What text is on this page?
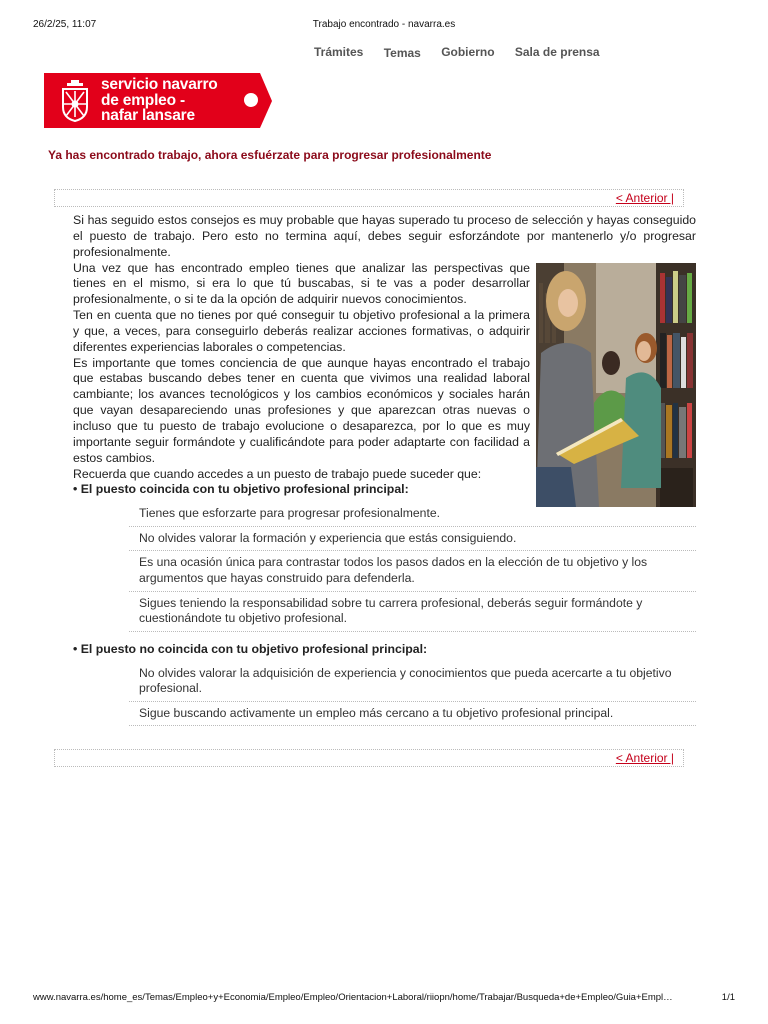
26/2/25, 11:07	Trabajo encontrado - navarra.es
Trámites Temas Gobierno Sala de prensa
servicio navarro
de empleo -
nafar lansare
Ya has encontrado trabajo, ahora esfuérzate para progresar profesionalmente
< Anterior |

Si has seguido estos consejos es muy probable que hayas superado tu proceso de selección y hayas conseguido el puesto de trabajo. Pero esto no termina aquí, debes seguir esforzándote por mantenerlo y/o progresar profesionalmente.

Una vez que has encontrado empleo tienes que analizar las perspectivas que tienes en el mismo, si era lo que tú buscabas, si te vas a poder desarrollar profesionalmente, o si te da la opción de adquirir nuevos conocimientos.

Ten en cuenta que no tienes por qué conseguir tu objetivo profesional a la primera y que, a veces, para conseguirlo deberás realizar acciones formativas, o adquirir diferentes experiencias laborales o competencias.

Es importante que tomes conciencia de que aunque hayas encontrado el trabajo que estabas buscando debes tener en cuenta que vivimos una realidad laboral cambiante; los avances tecnológicos y los cambios económicos y sociales harán que vayan desapareciendo unas profesiones y que aparezcan otras nuevas o incluso que tu puesto de trabajo evolucione o desaparezca, por lo que es muy importante seguir formándote y cualificándote para poder adaptarte con facilidad a estos cambios.

Recuerda que cuando accedes a un puesto de trabajo puede suceder que:

• El puesto coincida con tu objetivo profesional principal:

Tienes que esforzarte para progresar profesionalmente.
No olvides valorar la formación y experiencia que estás consiguiendo.
Es una ocasión única para contrastar todos los pasos dados en la elección de tu objetivo y los argumentos que hayas construido para defenderla.
Sigues teniendo la responsabilidad sobre tu carrera profesional, deberás seguir formándote y cuestionándote tu objetivo profesional.

• El puesto no coincida con tu objetivo profesional principal:

No olvides valorar la adquisición de experiencia y conocimientos que pueda acercarte a tu objetivo profesional.
Sigue buscando activamente un empleo más cercano a tu objetivo profesional principal.
< Anterior |
www.navarra.es/home_es/Temas/Empleo+y+Economia/Empleo/Empleo/Orientacion+Laboral/riiopn/home/Trabajar/Busqueda+de+Empleo/Guia+Empl…	1/1
